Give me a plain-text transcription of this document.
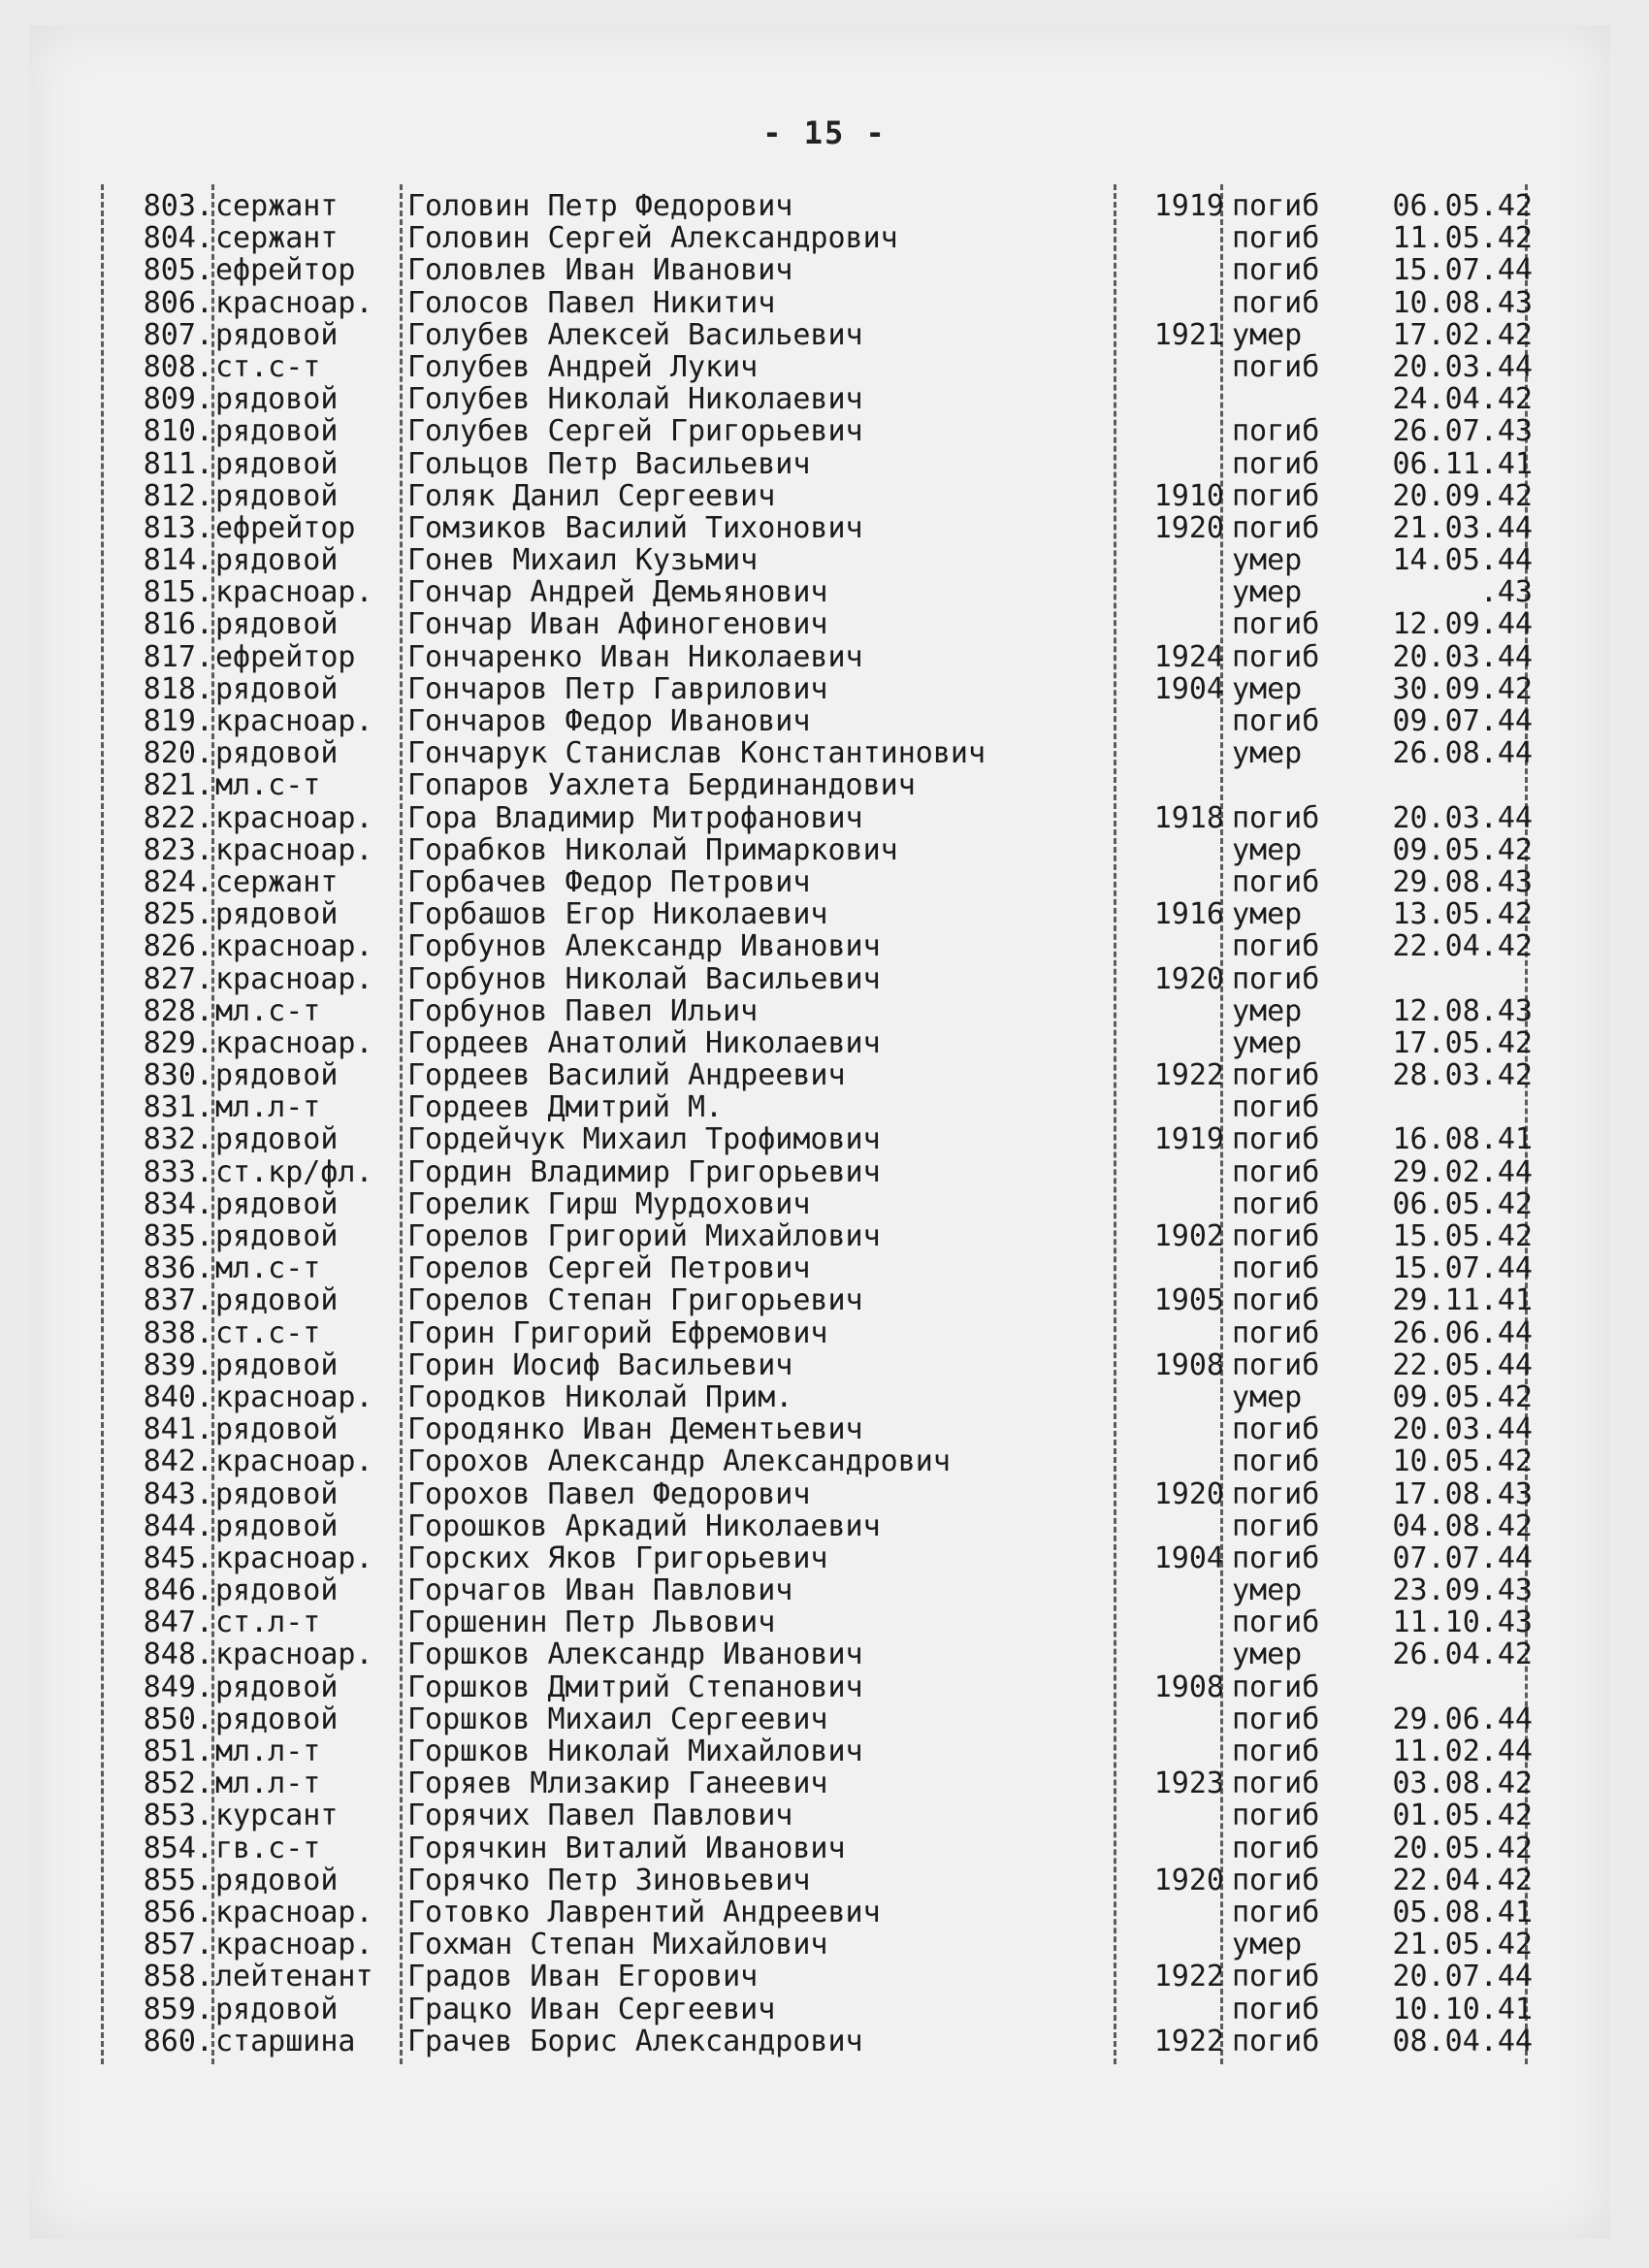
- 15 -
803. сержант	Головин Петр Федорович	1919 погиб	06.05.42
804. сержант	Головин Сергей Александрович	погиб	11.05.42
805. ефрейтор	Головлев Иван Иванович	погиб	15.07.44
806. красноар.	Голосов Павел Никитич	погиб	10.08.43
807. рядовой	Голубев Алексей Васильевич	1921 умер	17.02.42
808. ст.с-т	Голубев Андрей Лукич	погиб	20.03.44
809. рядовой	Голубев Николай Николаевич	24.04.42
810. рядовой	Голубев Сергей Григорьевич	погиб	26.07.43
811. рядовой	Гольцов Петр Васильевич	погиб	06.11.41
812. рядовой	Голяк Данил Сергеевич	1910 погиб	20.09.42
813. ефрейтор	Гомзиков Василий Тихонович	1920 погиб	21.03.44
814. рядовой	Гонев Михаил Кузьмич	умер	14.05.44
815. красноар.	Гончар Андрей Демьянович	умер	.43
816. рядовой	Гончар Иван Афиногенович	погиб	12.09.44
817. ефрейтор	Гончаренко Иван Николаевич	1924 погиб	20.03.44
818. рядовой	Гончаров Петр Гаврилович	1904 умер	30.09.42
819. красноар.	Гончаров Федор Иванович	погиб	09.07.44
820. рядовой	Гончарук Станислав Константинович	умер	26.08.44
821. мл.с-т	Гопаров Уахлета Бердинандович
822. красноар.	Гора Владимир Митрофанович	1918 погиб	20.03.44
823. красноар.	Горабков Николай Примаркович	умер	09.05.42
824. сержант	Горбачев Федор Петрович	погиб	29.08.43
825. рядовой	Горбашов Егор Николаевич	1916 умер	13.05.42
826. красноар.	Горбунов Александр Иванович	погиб	22.04.42
827. красноар.	Горбунов Николай Васильевич	1920 погиб
828. мл.с-т	Горбунов Павел Ильич	умер	12.08.43
829. красноар.	Гордеев Анатолий Николаевич	умер	17.05.42
830. рядовой	Гордеев Василий Андреевич	1922 погиб	28.03.42
831. мл.л-т	Гордеев Дмитрий М.	погиб
832. рядовой	Гордейчук Михаил Трофимович	1919 погиб	16.08.41
833. ст.кр/фл.	Гордин Владимир Григорьевич	погиб	29.02.44
834. рядовой	Горелик Гирш Мурдохович	погиб	06.05.42
835. рядовой	Горелов Григорий Михайлович	1902 погиб	15.05.42
836. мл.с-т	Горелов Сергей Петрович	погиб	15.07.44
837. рядовой	Горелов Степан Григорьевич	1905 погиб	29.11.41
838. ст.с-т	Горин Григорий Ефремович	погиб	26.06.44
839. рядовой	Горин Иосиф Васильевич	1908 погиб	22.05.44
840. красноар.	Городков Николай Прим.	умер	09.05.42
841. рядовой	Городянко Иван Дементьевич	погиб	20.03.44
842. красноар.	Горохов Александр Александрович	погиб	10.05.42
843. рядовой	Горохов Павел Федорович	1920 погиб	17.08.43
844. рядовой	Горошков Аркадий Николаевич	погиб	04.08.42
845. красноар.	Горских Яков Григорьевич	1904 погиб	07.07.44
846. рядовой	Горчагов Иван Павлович	умер	23.09.43
847. ст.л-т	Горшенин Петр Львович	погиб	11.10.43
848. красноар.	Горшков Александр Иванович	умер	26.04.42
849. рядовой	Горшков Дмитрий Степанович	1908 погиб
850. рядовой	Горшков Михаил Сергеевич	погиб	29.06.44
851. мл.л-т	Горшков Николай Михайлович	погиб	11.02.44
852. мл.л-т	Горяев Млизакир Ганеевич	1923 погиб	03.08.42
853. курсант	Горячих Павел Павлович	погиб	01.05.42
854. гв.с-т	Горячкин Виталий Иванович	погиб	20.05.42
855. рядовой	Горячко Петр Зиновьевич	1920 погиб	22.04.42
856. красноар.	Готовко Лаврентий Андреевич	погиб	05.08.41
857. красноар.	Гохман Степан Михайлович	умер	21.05.42
858. лейтенант	Градов Иван Егорович	1922 погиб	20.07.44
859. рядовой	Грацко Иван Сергеевич	погиб	10.10.41
860. старшина	Грачев Борис Александрович	1922 погиб	08.04.44
